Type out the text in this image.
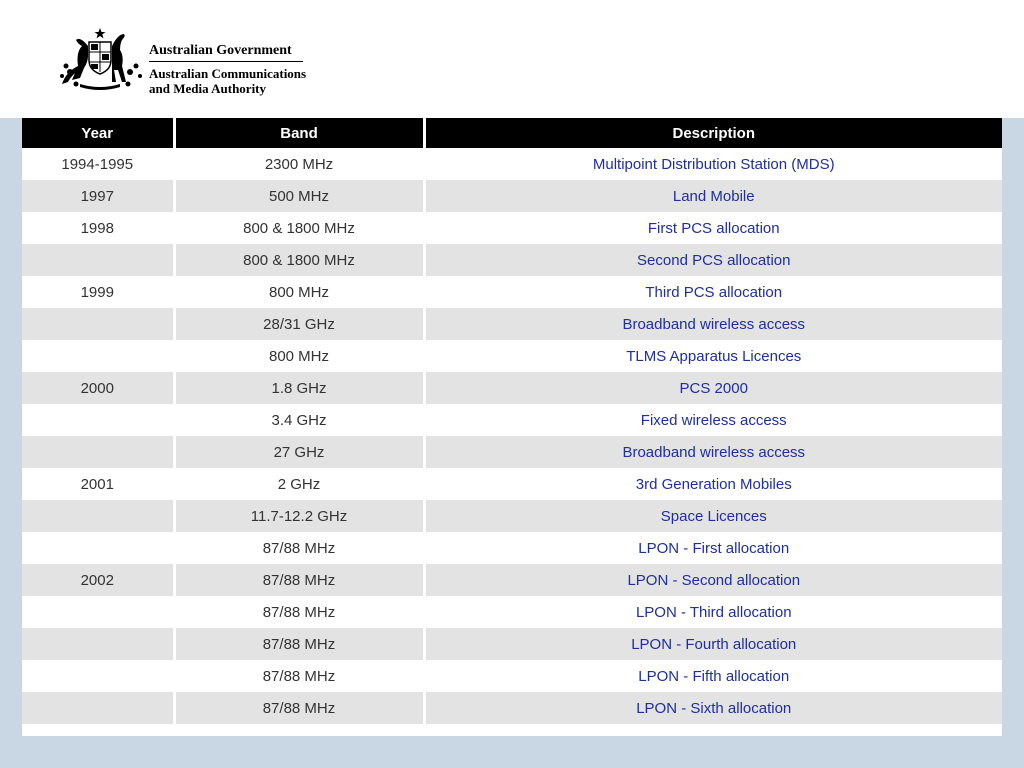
Australian Government
Australian Communications
and Media Authority
Year	Band	Description
1994-1995	2300 MHz	Multipoint Distribution Station (MDS)
1997	500 MHz	Land Mobile
1998	800 & 1800 MHz	First PCS allocation
	800 & 1800 MHz	Second PCS allocation
1999	800 MHz	Third PCS allocation
	28/31 GHz	Broadband wireless access
	800 MHz	TLMS Apparatus Licences
2000	1.8 GHz	PCS 2000
	3.4 GHz	Fixed wireless access
	27 GHz	Broadband wireless access
2001	2 GHz	3rd Generation Mobiles
	11.7-12.2 GHz	Space Licences
	87/88 MHz	LPON - First allocation
2002	87/88 MHz	LPON - Second allocation
	87/88 MHz	LPON - Third allocation
	87/88 MHz	LPON - Fourth allocation
	87/88 MHz	LPON - Fifth allocation
	87/88 MHz	LPON - Sixth allocation
